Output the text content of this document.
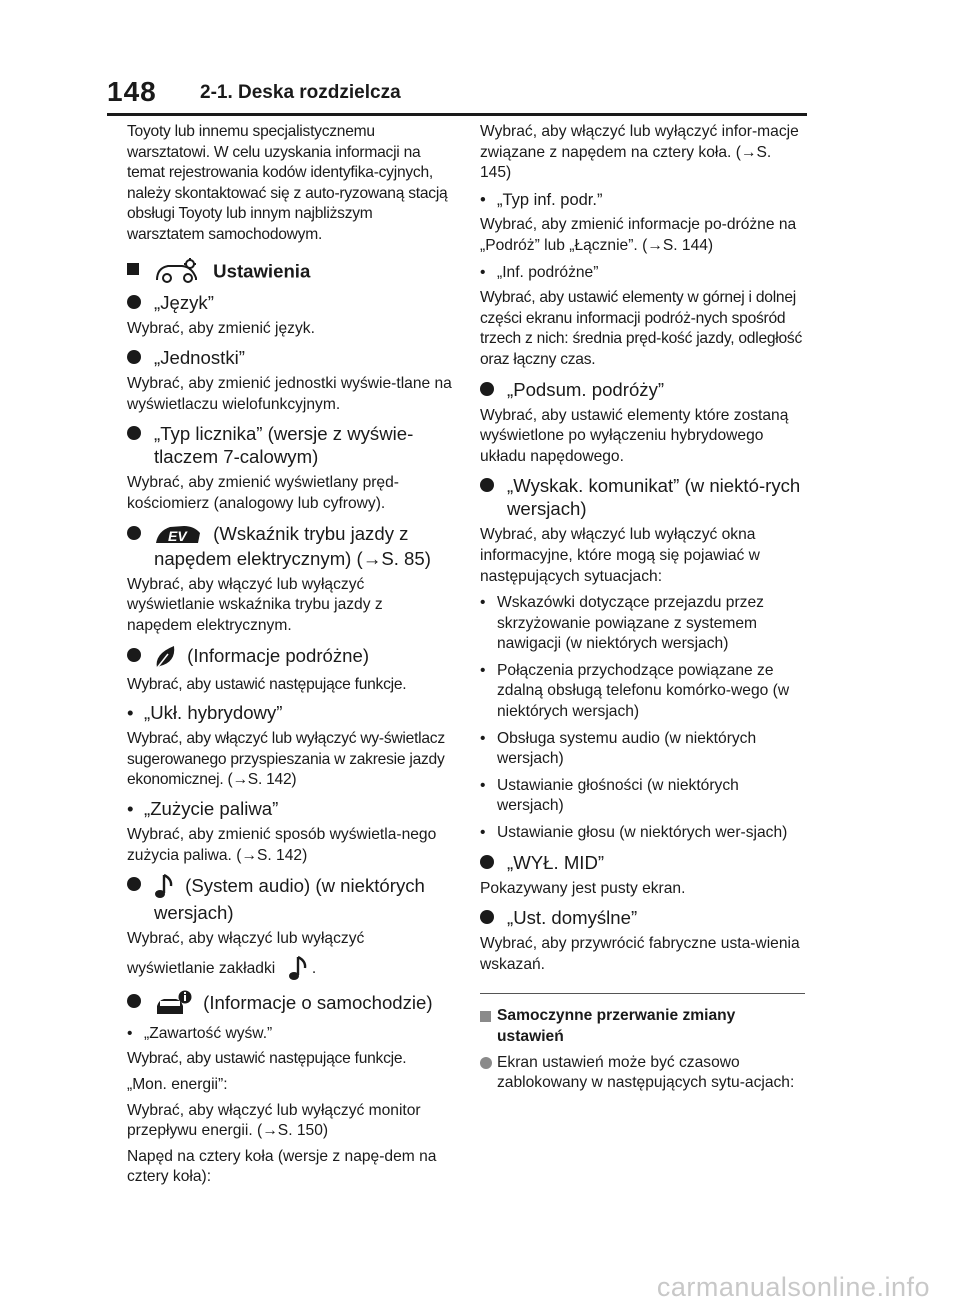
148 2-1. Deska rozdzielcza

Toyoty lub innemu specjalistycznemu warsztatowi. W celu uzyskania informacji na temat rejestrowania kodów identyfika-cyjnych, należy skontaktować się z auto-ryzowaną stacją obsługi Toyoty lub innym najbliższym warsztatem samochodowym.

Ustawienia
„Język”

Wybrać, aby zmienić język.

„Jednostki”

Wybrać, aby zmienić jednostki wyświe-tlane na wyświetlaczu wielofunkcyjnym.

„Typ licznika” (wersje z wyświe-tlaczem 7-calowym)

Wybrać, aby zmienić wyświetlany pręd-kościomierz (analogowy lub cyfrowy).

EV (Wskaźnik trybu jazdy z napędem elektrycznym) (→S. 85)

Wybrać, aby włączyć lub wyłączyć wyświetlanie wskaźnika trybu jazdy z napędem elektrycznym.

(Informacje podróżne)

Wybrać, aby ustawić następujące funkcje.

• „Ukł. hybrydowy”

Wybrać, aby włączyć lub wyłączyć wy-świetlacz sugerowanego przyspieszania w zakresie jazdy ekonomicznej. (→S. 142)

• „Zużycie paliwa”

Wybrać, aby zmienić sposób wyświetla-nego zużycia paliwa. (→S. 142)

(System audio) (w niektórych wersjach)

Wybrać, aby włączyć lub wyłączyć

wyświetlanie zakładki .

(Informacje o samochodzie)
• „Zawartość wyśw.”

Wybrać, aby ustawić następujące funkcje.

„Mon. energii”:

Wybrać, aby włączyć lub wyłączyć monitor przepływu energii. (→S. 150)

Napęd na cztery koła (wersje z napę-dem na cztery koła):

Wybrać, aby włączyć lub wyłączyć infor-macje związane z napędem na cztery koła. (→S. 145)

• „Typ inf. podr.”

Wybrać, aby zmienić informacje po-dróżne na „Podróż” lub „Łącznie”. (→S. 144)

• „Inf. podróżne”

Wybrać, aby ustawić elementy w górnej i dolnej części ekranu informacji podróż-nych spośród trzech z nich: średnia pręd-kość jazdy, odległość oraz łączny czas.

„Podsum. podróży”

Wybrać, aby ustawić elementy które zostaną wyświetlone po wyłączeniu hybrydowego układu napędowego.

„Wyskak. komunikat” (w niektó-rych wersjach)

Wybrać, aby włączyć lub wyłączyć okna informacyjne, które mogą się pojawiać w następujących sytuacjach:

• Wskazówki dotyczące przejazdu przez skrzyżowanie powiązane z systemem nawigacji (w niektórych wersjach)
• Połączenia przychodzące powiązane ze zdalną obsługą telefonu komórko-wego (w niektórych wersjach)
• Obsługa systemu audio (w niektórych wersjach)
• Ustawianie głośności (w niektórych wersjach)
• Ustawianie głosu (w niektórych wer-sjach)
„WYŁ. MID”

Pokazywany jest pusty ekran.

„Ust. domyślne”

Wybrać, aby przywrócić fabryczne usta-wienia wskazań.

Samoczynne przerwanie zmiany ustawień
Ekran ustawień może być czasowo zablokowany w następujących sytu-acjach:
carmanualsonline.info
